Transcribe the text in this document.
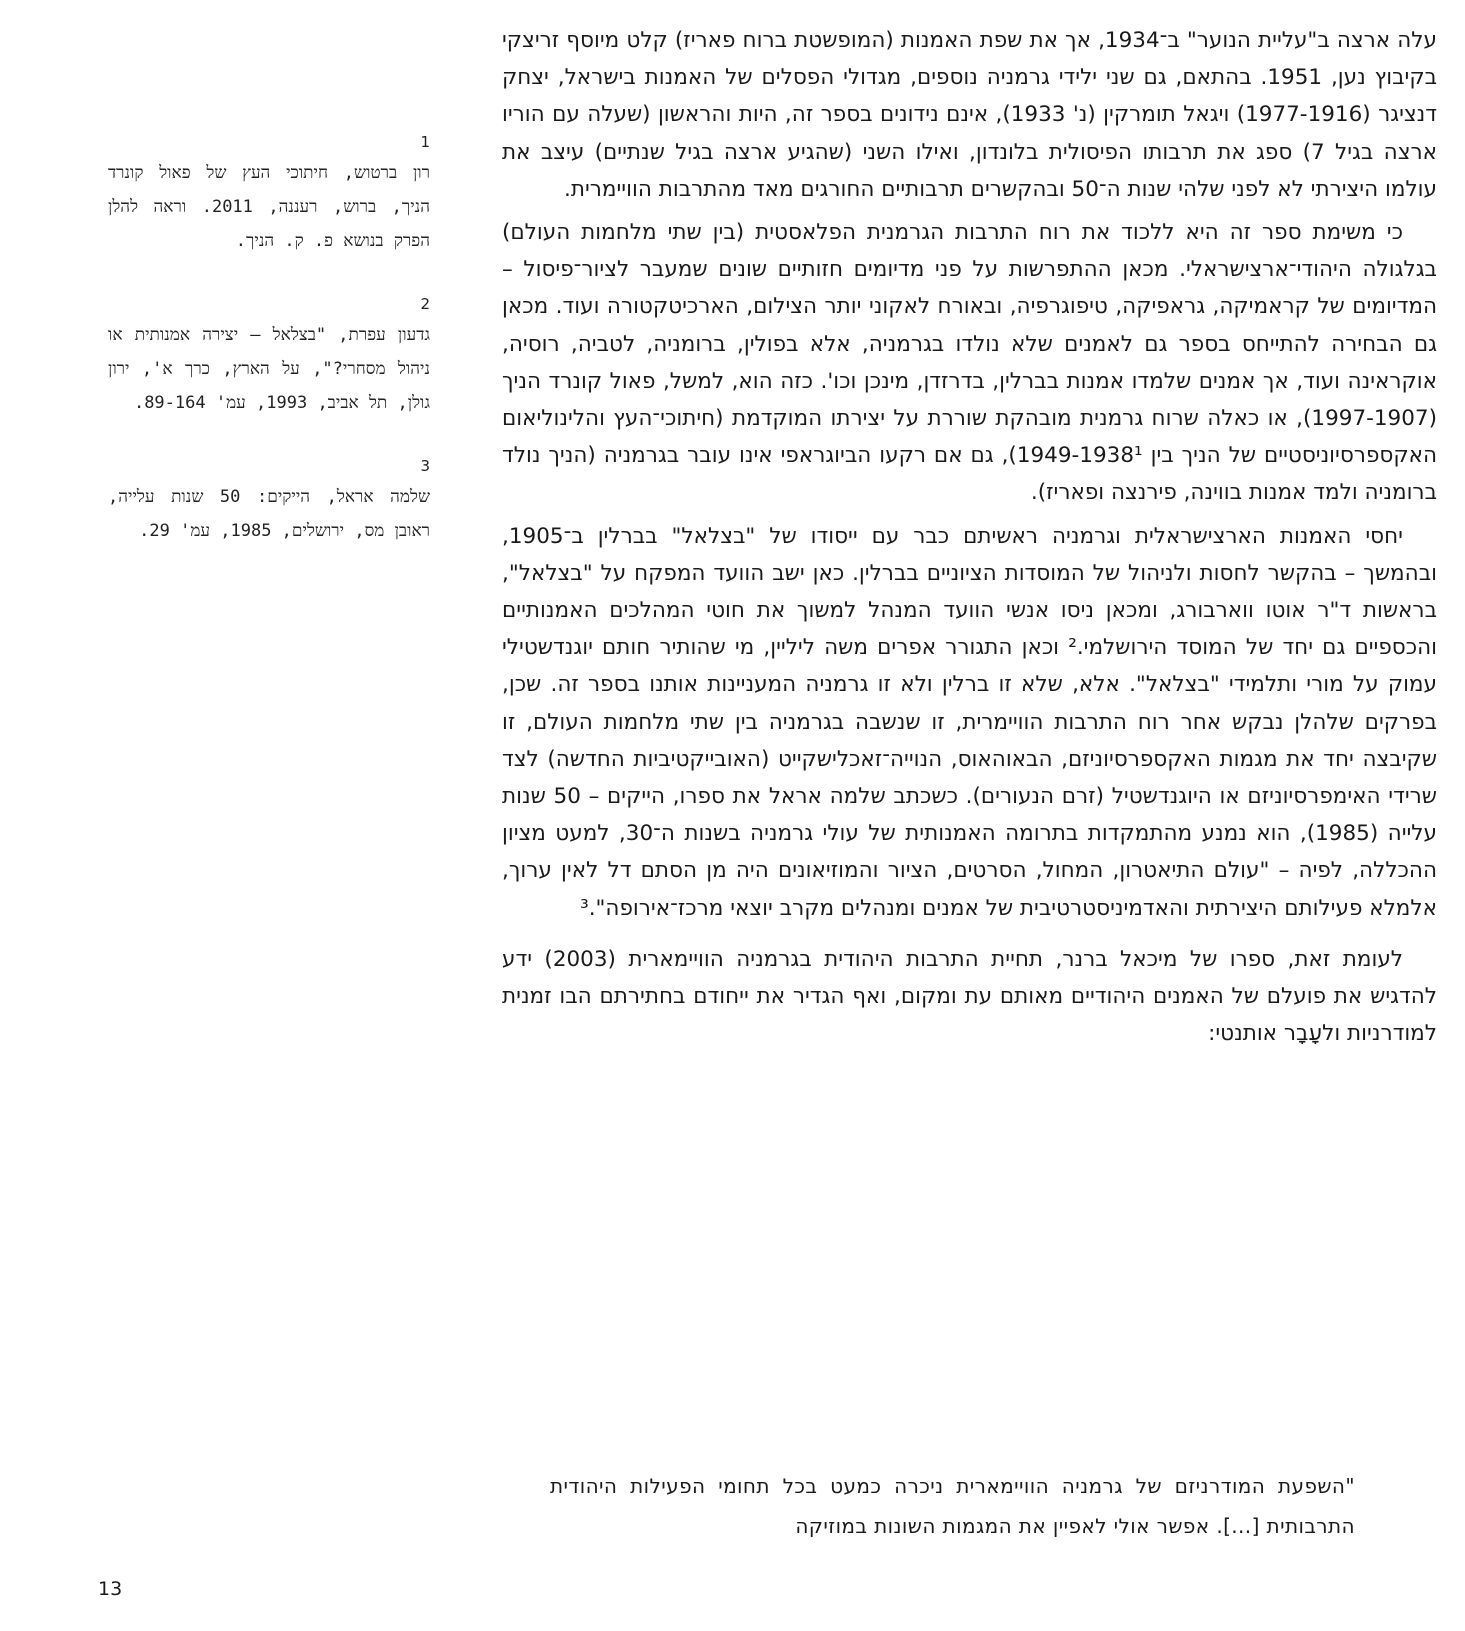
עלה ארצה ב"עליית הנוער" ב־1934, אך את שפת האמנות (המופשטת ברוח פאריז) קלט מיוסף זריצקי בקיבוץ נען, 1951. בהתאם, גם שני ילידי גרמניה נוספים, מגדולי הפסלים של האמנות בישראל, יצחק דנציגר (1977-1916) ויגאל תומרקין (נ' 1933), אינם נידונים בספר זה, היות והראשון (שעלה עם הוריו ארצה בגיל 7) ספג את תרבותו הפיסולית בלונדון, ואילו השני (שהגיע ארצה בגיל שנתיים) עיצב את עולמו היצירתי לא לפני שלהי שנות ה־50 ובהקשרים תרבותיים החורגים מאד מהתרבות הוויימרית.

כי משימת ספר זה היא ללכוד את רוח התרבות הגרמנית הפלאסטית (בין שתי מלחמות העולם) בגלגולה היהודי־ארצישראלי. מכאן ההתפרשות על פני מדיומים חזותיים שונים שמעבר לציור־פיסול – המדיומים של קראמיקה, גראפיקה, טיפוגרפיה, ובאורח לאקוני יותר הצילום, הארכיטקטורה ועוד. מכאן גם הבחירה להתייחס בספר גם לאמנים שלא נולדו בגרמניה, אלא בפולין, ברומניה, לטביה, רוסיה, אוקראינה ועוד, אך אמנים שלמדו אמנות בברלין, בדרזדן, מינכן וכו'. כזה הוא, למשל, פאול קונרד הניך (1997-1907), או כאלה שרוח גרמנית מובהקת שוררת על יצירתו המוקדמת (חיתוכי־העץ והלינוליאום האקספרסיוניסטיים של הניך בין 1949-1938¹), גם אם רקעו הביוגראפי אינו עובר בגרמניה (הניך נולד ברומניה ולמד אמנות בווינה, פירנצה ופאריז).

יחסי האמנות הארצישראלית וגרמניה ראשיתם כבר עם ייסודו של "בצלאל" בברלין ב־1905, ובהמשך – בהקשר לחסות ולניהול של המוסדות הציוניים בברלין. כאן ישב הוועד המפקח על "בצלאל", בראשות ד"ר אוטו ווארבורג, ומכאן ניסו אנשי הוועד המנהל למשוך את חוטי המהלכים האמנותיים והכספיים גם יחד של המוסד הירושלמי.² וכאן התגורר אפרים משה ליליין, מי שהותיר חותם יוגנדשטילי עמוק על מורי ותלמידי "בצלאל". אלא, שלא זו ברלין ולא זו גרמניה המעניינות אותנו בספר זה. שכן, בפרקים שלהלן נבקש אחר רוח התרבות הוויימרית, זו שנשבה בגרמניה בין שתי מלחמות העולם, זו שקיבצה יחד את מגמות האקספרסיוניזם, הבאוהאוס, הנוייה־זאכלישקייט (האובייקטיביות החדשה) לצד שרידי האימפרסיוניזם או היוגנדשטיל (זרם הנעורים). כשכתב שלמה אראל את ספרו, הייקים – 50 שנות עלייה (1985), הוא נמנע מהתמקדות בתרומה האמנותית של עולי גרמניה בשנות ה־30, למעט מציון ההכללה, לפיה – "עולם התיאטרון, המחול, הסרטים, הציור והמוזיאונים היה מן הסתם דל לאין ערוך, אלמלא פעילותם היצירתית והאדמיניסטרטיבית של אמנים ומנהלים מקרב יוצאי מרכז־אירופה".³

לעומת זאת, ספרו של מיכאל ברנר, תחיית התרבות היהודית בגרמניה הוויימארית (2003) ידע להדגיש את פועלם של האמנים היהודיים מאותם עת ומקום, ואף הגדיר את ייחודם בחתירתם הבו זמנית למודרניות ולעָבָר אותנטי:

"השפעת המודרניזם של גרמניה הוויימארית ניכרה כמעט בכל תחומי הפעילות היהודית התרבותית [...]. אפשר אולי לאפיין את המגמות השונות במוזיקה
1
רון ברטוש, חיתוכי העץ של פאול קונרד הניך, ברוש, רעננה, 2011. וראה להלן הפרק בנושא פ. ק. הניך.
2
גדעון עפרת, "בצלאל – יצירה אמנותית או ניהול מסחרי?", על הארץ, כרך א', ירון גולן, תל אביב, 1993, עמ' 89-164.
3
שלמה אראל, הייקים: 50 שנות עלייה, ראובן מס, ירושלים, 1985, עמ' 29.
13
